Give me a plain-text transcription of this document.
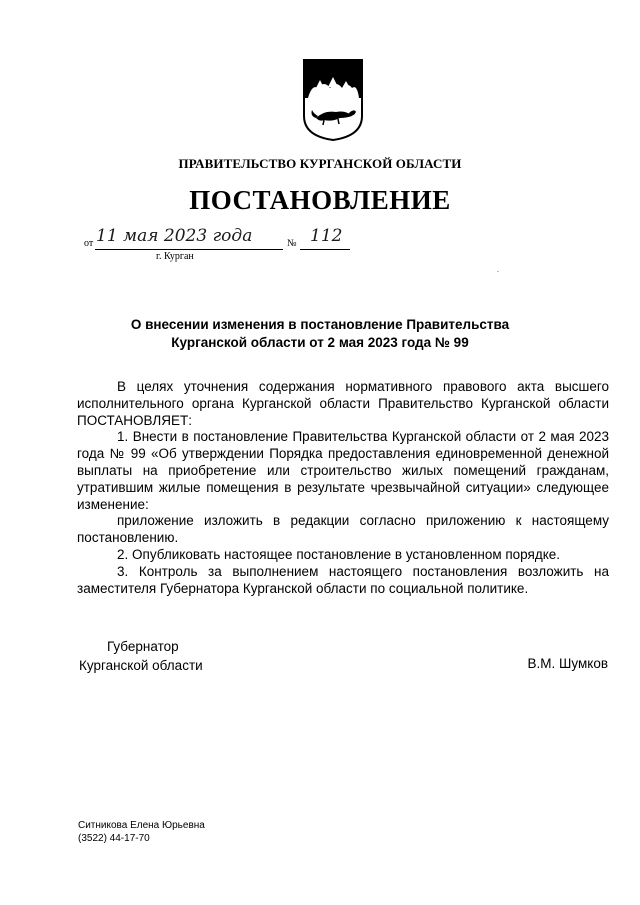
ПРАВИТЕЛЬСТВО КУРГАНСКОЙ ОБЛАСТИ
ПОСТАНОВЛЕНИЕ
от 11 мая 2023 года	№ 112
г. Курган
О внесении изменения в постановление Правительства
Курганской области от 2 мая 2023 года № 99

В целях уточнения содержания нормативного правового акта высшего исполнительного органа Курганской области Правительство Курганской области ПОСТАНОВЛЯЕТ:

1. Внести в постановление Правительства Курганской области от 2 мая 2023 года № 99 «Об утверждении Порядка предоставления единовременной денежной выплаты на приобретение или строительство жилых помещений гражданам, утратившим жилые помещения в результате чрезвычайной ситуации» следующее изменение:

приложение изложить в редакции согласно приложению к настоящему постановлению.

2. Опубликовать настоящее постановление в установленном порядке.

3. Контроль за выполнением настоящего постановления возложить на заместителя Губернатора Курганской области по социальной политике.

Губернатор
Курганской области	В.М. Шумков
Ситникова Елена Юрьевна
(3522) 44-17-70
